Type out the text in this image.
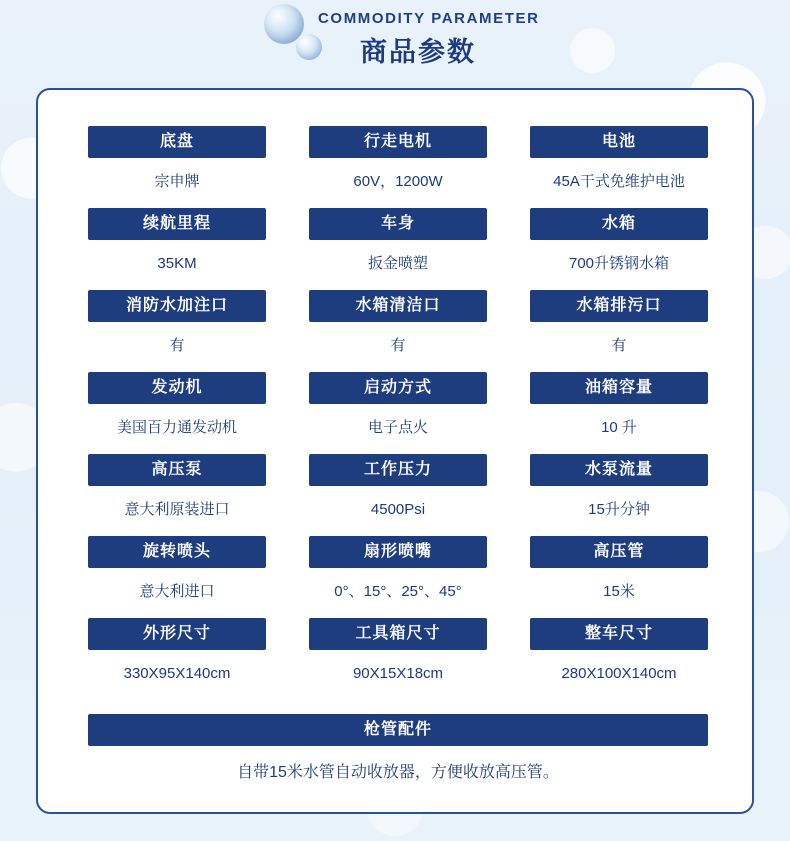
COMMODITY PARAMETER
商品参数
底盘
宗申牌
行走电机
60V，1200W
电池
45A干式免维护电池
续航里程
35KM
车身
扳金喷塑
水箱
700升锈钢水箱
消防水加注口
有
水箱清洁口
有
水箱排污口
有
发动机
美国百力通发动机
启动方式
电子点火
油箱容量
10 升
高压泵
意大利原装进口
工作压力
4500Psi
水泵流量
15升分钟
旋转喷头
意大利进口
扇形喷嘴
0°、15°、25°、45°
高压管
15米
外形尺寸
330X95X140cm
工具箱尺寸
90X15X18cm
整车尺寸
280X100X140cm
枪管配件
自带15米水管自动收放器，方便收放高压管。
